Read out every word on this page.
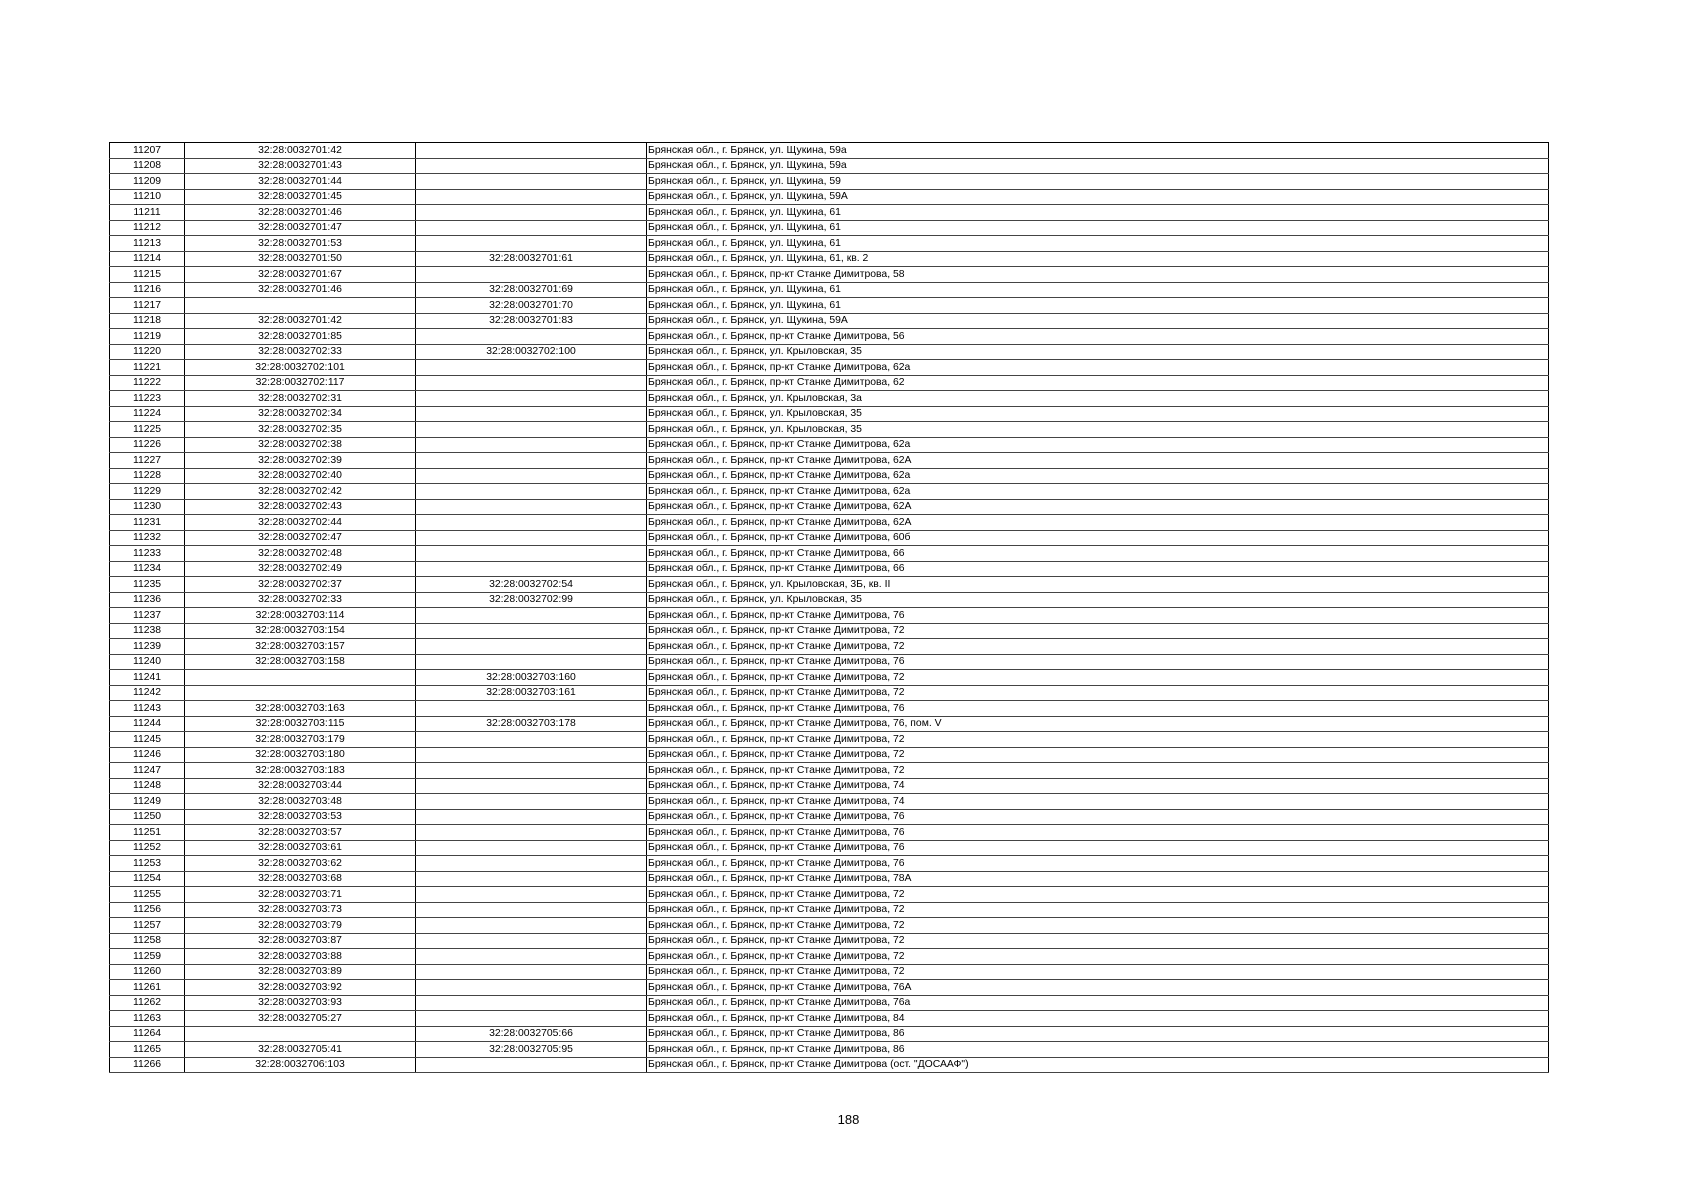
11207	32:28:0032701:42		Брянская обл., г. Брянск, ул. Щукина, 59а
11208	32:28:0032701:43		Брянская обл., г. Брянск, ул. Щукина, 59а
11209	32:28:0032701:44		Брянская обл., г. Брянск, ул. Щукина, 59
11210	32:28:0032701:45		Брянская обл., г. Брянск, ул. Щукина, 59А
11211	32:28:0032701:46		Брянская обл., г. Брянск, ул. Щукина, 61
11212	32:28:0032701:47		Брянская обл., г. Брянск, ул. Щукина, 61
11213	32:28:0032701:53		Брянская обл., г. Брянск, ул. Щукина, 61
11214	32:28:0032701:50	32:28:0032701:61	Брянская обл., г. Брянск, ул. Щукина, 61, кв. 2
11215	32:28:0032701:67		Брянская обл., г. Брянск, пр-кт Станке Димитрова, 58
11216	32:28:0032701:46	32:28:0032701:69	Брянская обл., г. Брянск, ул. Щукина, 61
11217		32:28:0032701:70	Брянская обл., г. Брянск, ул. Щукина, 61
11218	32:28:0032701:42	32:28:0032701:83	Брянская обл., г. Брянск, ул. Щукина, 59А
11219	32:28:0032701:85		Брянская обл., г. Брянск, пр-кт Станке Димитрова, 56
11220	32:28:0032702:33	32:28:0032702:100	Брянская обл., г. Брянск, ул. Крыловская, 35
11221	32:28:0032702:101		Брянская обл., г. Брянск, пр-кт Станке Димитрова, 62а
11222	32:28:0032702:117		Брянская обл., г. Брянск, пр-кт Станке Димитрова, 62
11223	32:28:0032702:31		Брянская обл., г. Брянск, ул. Крыловская, 3а
11224	32:28:0032702:34		Брянская обл., г. Брянск, ул. Крыловская, 35
11225	32:28:0032702:35		Брянская обл., г. Брянск, ул. Крыловская, 35
11226	32:28:0032702:38		Брянская обл., г. Брянск, пр-кт Станке Димитрова, 62а
11227	32:28:0032702:39		Брянская обл., г. Брянск, пр-кт Станке Димитрова, 62А
11228	32:28:0032702:40		Брянская обл., г. Брянск, пр-кт Станке Димитрова, 62а
11229	32:28:0032702:42		Брянская обл., г. Брянск, пр-кт Станке Димитрова, 62а
11230	32:28:0032702:43		Брянская обл., г. Брянск, пр-кт Станке Димитрова, 62А
11231	32:28:0032702:44		Брянская обл., г. Брянск, пр-кт Станке Димитрова, 62А
11232	32:28:0032702:47		Брянская обл., г. Брянск, пр-кт Станке Димитрова, 60б
11233	32:28:0032702:48		Брянская обл., г. Брянск, пр-кт Станке Димитрова, 66
11234	32:28:0032702:49		Брянская обл., г. Брянск, пр-кт Станке Димитрова, 66
11235	32:28:0032702:37	32:28:0032702:54	Брянская обл., г. Брянск, ул. Крыловская, 3Б, кв. II
11236	32:28:0032702:33	32:28:0032702:99	Брянская обл., г. Брянск, ул. Крыловская, 35
11237	32:28:0032703:114		Брянская обл., г. Брянск, пр-кт Станке Димитрова, 76
11238	32:28:0032703:154		Брянская обл., г. Брянск, пр-кт Станке Димитрова, 72
11239	32:28:0032703:157		Брянская обл., г. Брянск, пр-кт Станке Димитрова, 72
11240	32:28:0032703:158		Брянская обл., г. Брянск, пр-кт Станке Димитрова, 76
11241		32:28:0032703:160	Брянская обл., г. Брянск, пр-кт Станке Димитрова, 72
11242		32:28:0032703:161	Брянская обл., г. Брянск, пр-кт Станке Димитрова, 72
11243	32:28:0032703:163		Брянская обл., г. Брянск, пр-кт Станке Димитрова, 76
11244	32:28:0032703:115	32:28:0032703:178	Брянская обл., г. Брянск, пр-кт Станке Димитрова, 76, пом. V
11245	32:28:0032703:179		Брянская обл., г. Брянск, пр-кт Станке Димитрова, 72
11246	32:28:0032703:180		Брянская обл., г. Брянск, пр-кт Станке Димитрова, 72
11247	32:28:0032703:183		Брянская обл., г. Брянск, пр-кт Станке Димитрова, 72
11248	32:28:0032703:44		Брянская обл., г. Брянск, пр-кт Станке Димитрова, 74
11249	32:28:0032703:48		Брянская обл., г. Брянск, пр-кт Станке Димитрова, 74
11250	32:28:0032703:53		Брянская обл., г. Брянск, пр-кт Станке Димитрова, 76
11251	32:28:0032703:57		Брянская обл., г. Брянск, пр-кт Станке Димитрова, 76
11252	32:28:0032703:61		Брянская обл., г. Брянск, пр-кт Станке Димитрова, 76
11253	32:28:0032703:62		Брянская обл., г. Брянск, пр-кт Станке Димитрова, 76
11254	32:28:0032703:68		Брянская обл., г. Брянск, пр-кт Станке Димитрова, 78А
11255	32:28:0032703:71		Брянская обл., г. Брянск, пр-кт Станке Димитрова, 72
11256	32:28:0032703:73		Брянская обл., г. Брянск, пр-кт Станке Димитрова, 72
11257	32:28:0032703:79		Брянская обл., г. Брянск, пр-кт Станке Димитрова, 72
11258	32:28:0032703:87		Брянская обл., г. Брянск, пр-кт Станке Димитрова, 72
11259	32:28:0032703:88		Брянская обл., г. Брянск, пр-кт Станке Димитрова, 72
11260	32:28:0032703:89		Брянская обл., г. Брянск, пр-кт Станке Димитрова, 72
11261	32:28:0032703:92		Брянская обл., г. Брянск, пр-кт Станке Димитрова, 76А
11262	32:28:0032703:93		Брянская обл., г. Брянск, пр-кт Станке Димитрова, 76а
11263	32:28:0032705:27		Брянская обл., г. Брянск, пр-кт Станке Димитрова, 84
11264		32:28:0032705:66	Брянская обл., г. Брянск, пр-кт Станке Димитрова, 86
11265	32:28:0032705:41	32:28:0032705:95	Брянская обл., г. Брянск, пр-кт Станке Димитрова, 86
11266	32:28:0032706:103		Брянская обл., г. Брянск, пр-кт Станке Димитрова (ост. "ДОСААФ")
188
